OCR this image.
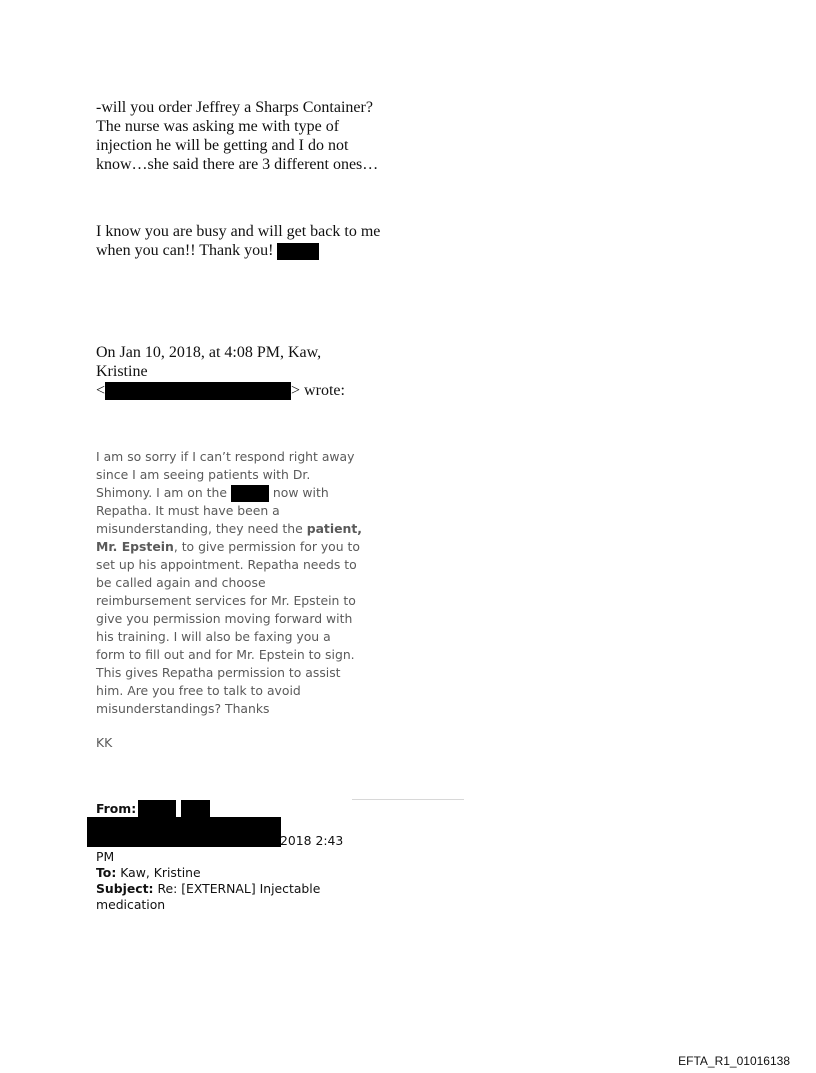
-will you order Jeffrey a Sharps Container?
The nurse was asking me with type of
injection he will be getting and I do not
know…she said there are 3 different ones…
I know you are busy and will get back to me
when you can!! Thank you!
On Jan 10, 2018, at 4:08 PM, Kaw,
Kristine
<	> wrote:
I am so sorry if I can’t respond right away
since I am seeing patients with Dr.
Shimony. I am on the	now with
Repatha. It must have been a
misunderstanding, they need the patient,
Mr. Epstein, to give permission for you to
set up his appointment. Repatha needs to
be called again and choose
reimbursement services for Mr. Epstein to
give you permission moving forward with
his training. I will also be faxing you a
form to fill out and for Mr. Epstein to sign.
This gives Repatha permission to assist
him. Are you free to talk to avoid
misunderstandings? Thanks
KK
From:
2018 2:43
PM
To: Kaw, Kristine
Subject: Re: [EXTERNAL] Injectable
medication
EFTA_R1_01016138
